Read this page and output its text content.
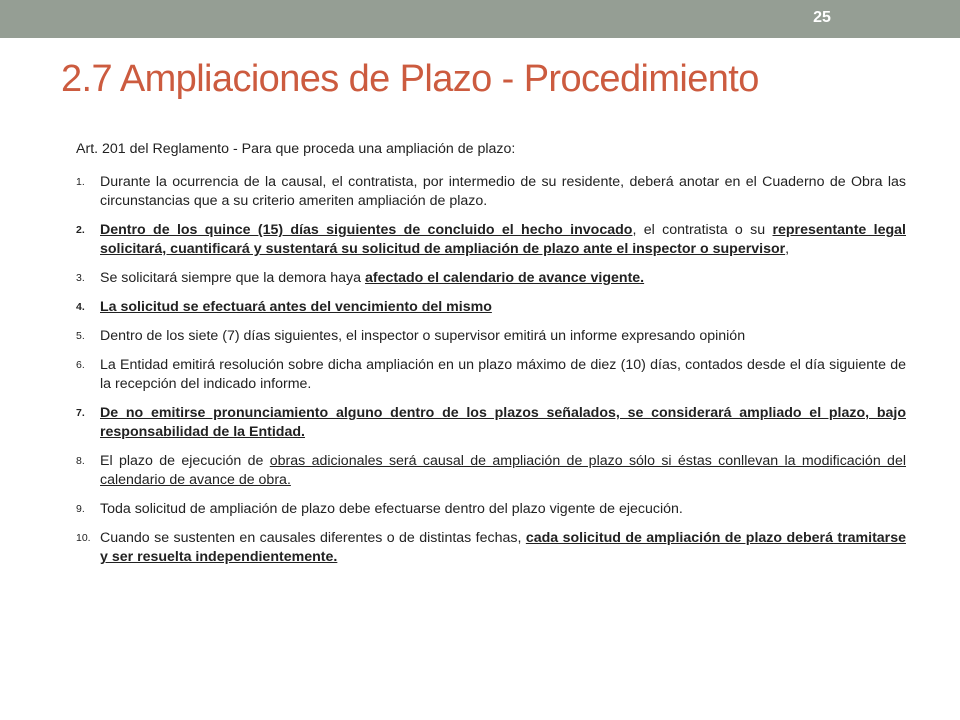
25
2.7 Ampliaciones de Plazo - Procedimiento

Art. 201 del Reglamento - Para que proceda una ampliación de plazo:

1.	Durante la ocurrencia de la causal, el contratista, por intermedio de su residente, deberá anotar en el Cuaderno de Obra las circunstancias que a su criterio ameriten ampliación de plazo.
2.	Dentro de los quince (15) días siguientes de concluido el hecho invocado, el contratista o su representante legal solicitará, cuantificará y sustentará su solicitud de ampliación de plazo ante el inspector o supervisor,
3.	Se solicitará siempre que la demora haya afectado el calendario de avance vigente.
4.	La solicitud se efectuará antes del vencimiento del mismo
5.	Dentro de los siete (7) días siguientes, el inspector o supervisor emitirá un informe expresando opinión
6.	La Entidad emitirá resolución sobre dicha ampliación en un plazo máximo de diez (10) días, contados desde el día siguiente de la recepción del indicado informe.
7.	De no emitirse pronunciamiento alguno dentro de los plazos señalados, se considerará ampliado el plazo, bajo responsabilidad de la Entidad.
8.	El plazo de ejecución de obras adicionales será causal de ampliación de plazo sólo si éstas conllevan la modificación del calendario de avance de obra.
9.	Toda solicitud de ampliación de plazo debe efectuarse dentro del plazo vigente de ejecución.
10. Cuando se sustenten en causales diferentes o de distintas fechas, cada solicitud de ampliación de plazo deberá tramitarse y ser resuelta independientemente.
